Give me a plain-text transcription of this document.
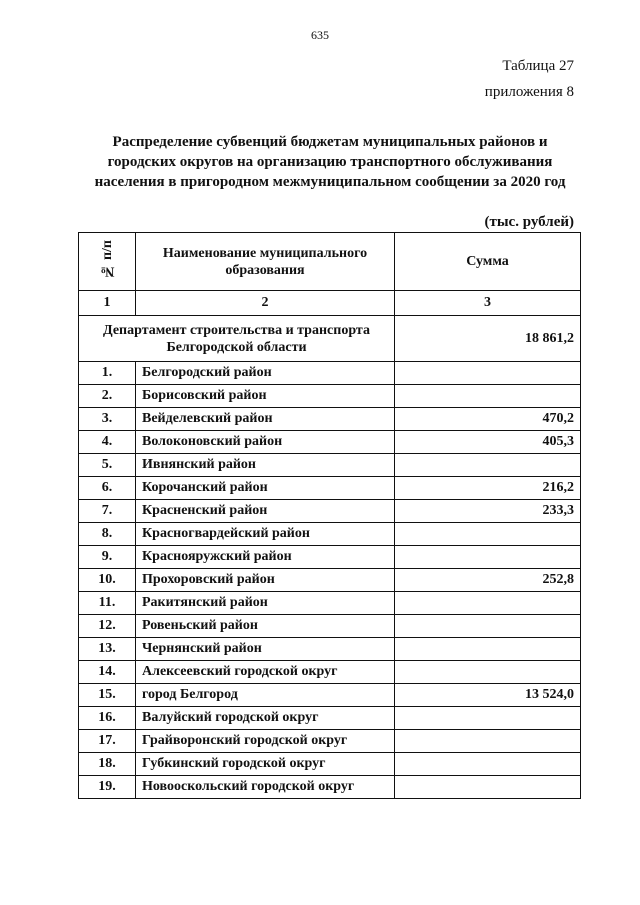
635
Таблица 27
приложения 8
Распределение субвенций бюджетам муниципальных районов и
городских округов на организацию транспортного обслуживания
населения в пригородном межмуниципальном сообщении за 2020 год
(тыс. рублей)
№ п/п	Наименование муниципального образования	Сумма
1	2	3
Департамент строительства и транспорта Белгородской области		18 861,2
1.	Белгородский район	
2.	Борисовский район	
3.	Вейделевский район	470,2
4.	Волоконовский район	405,3
5.	Ивнянский район	
6.	Корочанский район	216,2
7.	Красненский район	233,3
8.	Красногвардейский район	
9.	Краснояружский район	
10.	Прохоровский район	252,8
11.	Ракитянский район	
12.	Ровеньский район	
13.	Чернянский район	
14.	Алексеевский городской округ	
15.	город Белгород	13 524,0
16.	Валуйский городской округ	
17.	Грайворонский городской округ	
18.	Губкинский городской округ	
19.	Новооскольский городской округ	
